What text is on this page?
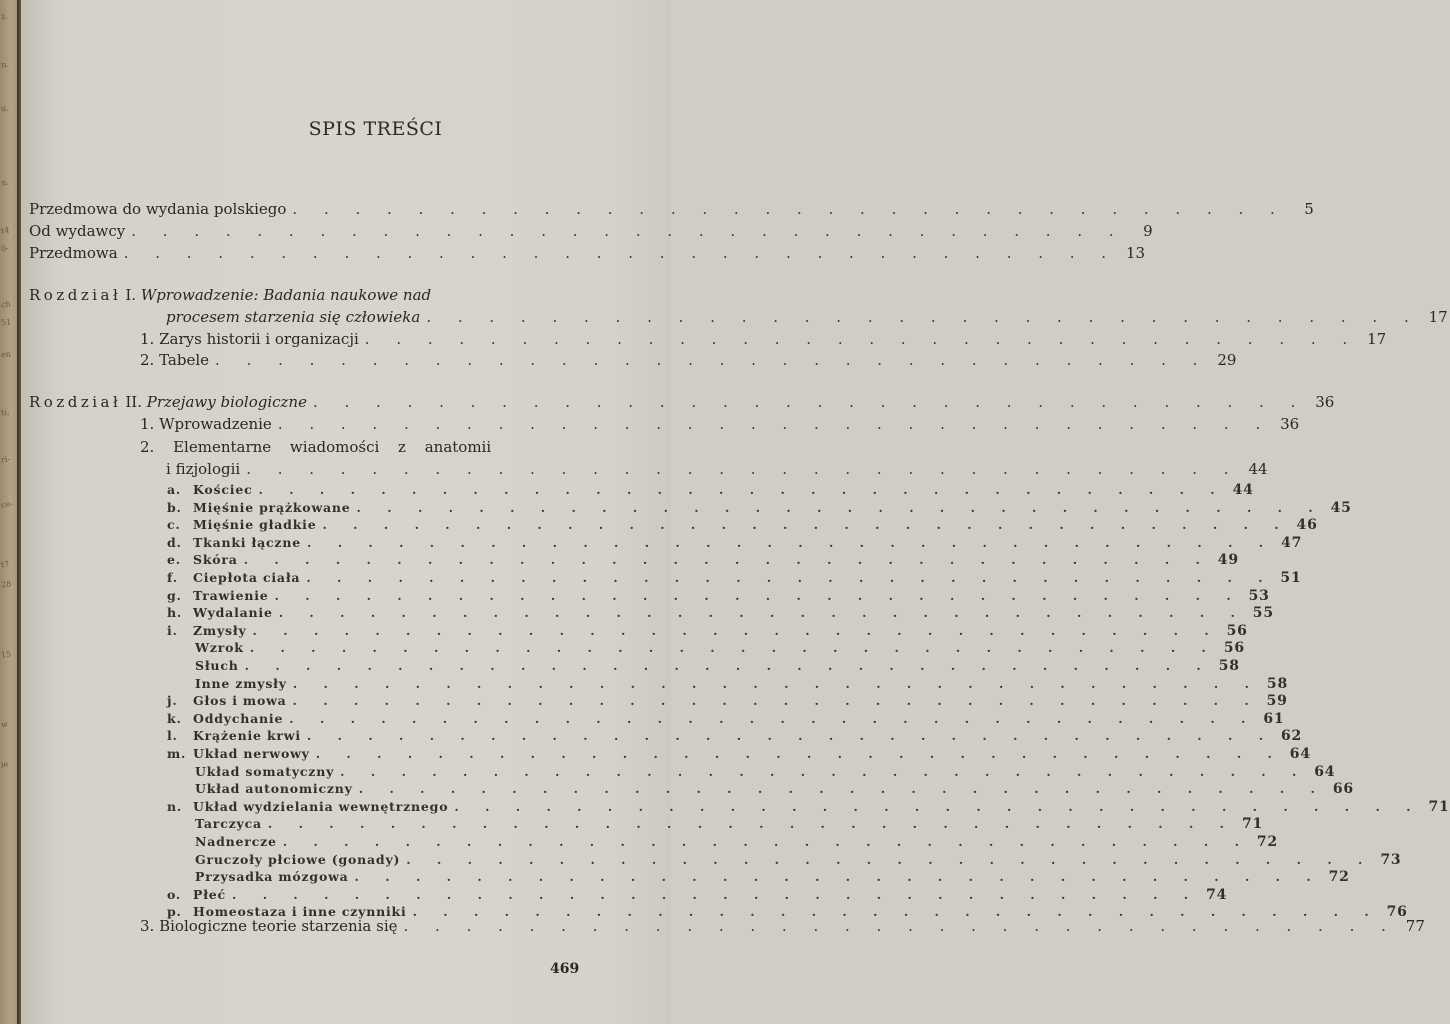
ż.
n.
u.
n.
t4
0-
ch
51
en
ti,
ri-
ce-
t7
28
15
w
ie
SPIS TREŚCI
Przedmowa do wydania polskiego . . . . . . . . . . . . . . . . . . . . . . . . . . . . . . . .	5
Od wydawcy . . . . . . . . . . . . . . . . . . . . . . . . . . . . . . . .	9
Przedmowa . . . . . . . . . . . . . . . . . . . . . . . . . . . . . . . . 13
Rozdział I. Wprowadzenie: Badania naukowe nad
procesem starzenia się człowieka . . . . . . . . . . . . . . . . . . . . . . . . . . . . . . . . 17
1. Zarys historii i organizacji . . . . . . . . . . . . . . . . . . . . . . . . . . . . . . . . 17
2. Tabele . . . . . . . . . . . . . . . . . . . . . . . . . . . . . . . . 29
Rozdział II. Przejawy biologiczne . . . . . . . . . . . . . . . . . . . . . . . . . . . . . . . . 36
1. Wprowadzenie . . . . . . . . . . . . . . . . . . . . . . . . . . . . . . . . 36
2. Elementarne wiadomości z anatomii
i fizjologii . . . . . . . . . . . . . . . . . . . . . . . . . . . . . . . . 44
a. Kościec . . . . . . . . . . . . . . . . . . . . . . . . . . . . . . . . 44
b. Mięśnie prążkowane . . . . . . . . . . . . . . . . . . . . . . . . . . . . . . . . 45
c. Mięśnie gładkie . . . . . . . . . . . . . . . . . . . . . . . . . . . . . . . . 46
d. Tkanki łączne . . . . . . . . . . . . . . . . . . . . . . . . . . . . . . . . 47
e. Skóra . . . . . . . . . . . . . . . . . . . . . . . . . . . . . . . . 49
f. Ciepłota ciała . . . . . . . . . . . . . . . . . . . . . . . . . . . . . . . . 51
g. Trawienie . . . . . . . . . . . . . . . . . . . . . . . . . . . . . . . . 53
h. Wydalanie . . . . . . . . . . . . . . . . . . . . . . . . . . . . . . . . 55
i. Zmysły . . . . . . . . . . . . . . . . . . . . . . . . . . . . . . . . 56
Wzrok . . . . . . . . . . . . . . . . . . . . . . . . . . . . . . . . 56
Słuch . . . . . . . . . . . . . . . . . . . . . . . . . . . . . . . . 58
Inne zmysły . . . . . . . . . . . . . . . . . . . . . . . . . . . . . . . . 58
j. Głos i mowa . . . . . . . . . . . . . . . . . . . . . . . . . . . . . . . . 59
k. Oddychanie . . . . . . . . . . . . . . . . . . . . . . . . . . . . . . . . 61
l. Krążenie krwi . . . . . . . . . . . . . . . . . . . . . . . . . . . . . . . . 62
m. Układ nerwowy . . . . . . . . . . . . . . . . . . . . . . . . . . . . . . . . 64
Układ somatyczny . . . . . . . . . . . . . . . . . . . . . . . . . . . . . . . . 64
Układ autonomiczny . . . . . . . . . . . . . . . . . . . . . . . . . . . . . . . . 66
n. Układ wydzielania wewnętrznego . . . . . . . . . . . . . . . . . . . . . . . . . . . . . . . . 71
Tarczyca . . . . . . . . . . . . . . . . . . . . . . . . . . . . . . . . 71
Nadnercze . . . . . . . . . . . . . . . . . . . . . . . . . . . . . . . . 72
Gruczoły płciowe (gonady) . . . . . . . . . . . . . . . . . . . . . . . . . . . . . . . . 73
Przysadka mózgowa . . . . . . . . . . . . . . . . . . . . . . . . . . . . . . . . 72
o. Płeć . . . . . . . . . . . . . . . . . . . . . . . . . . . . . . . . 74
p. Homeostaza i inne czynniki . . . . . . . . . . . . . . . . . . . . . . . . . . . . . . . . 76
3. Biologiczne teorie starzenia się . . . . . . . . . . . . . . . . . . . . . . . . . . . . . . . . 77
469
